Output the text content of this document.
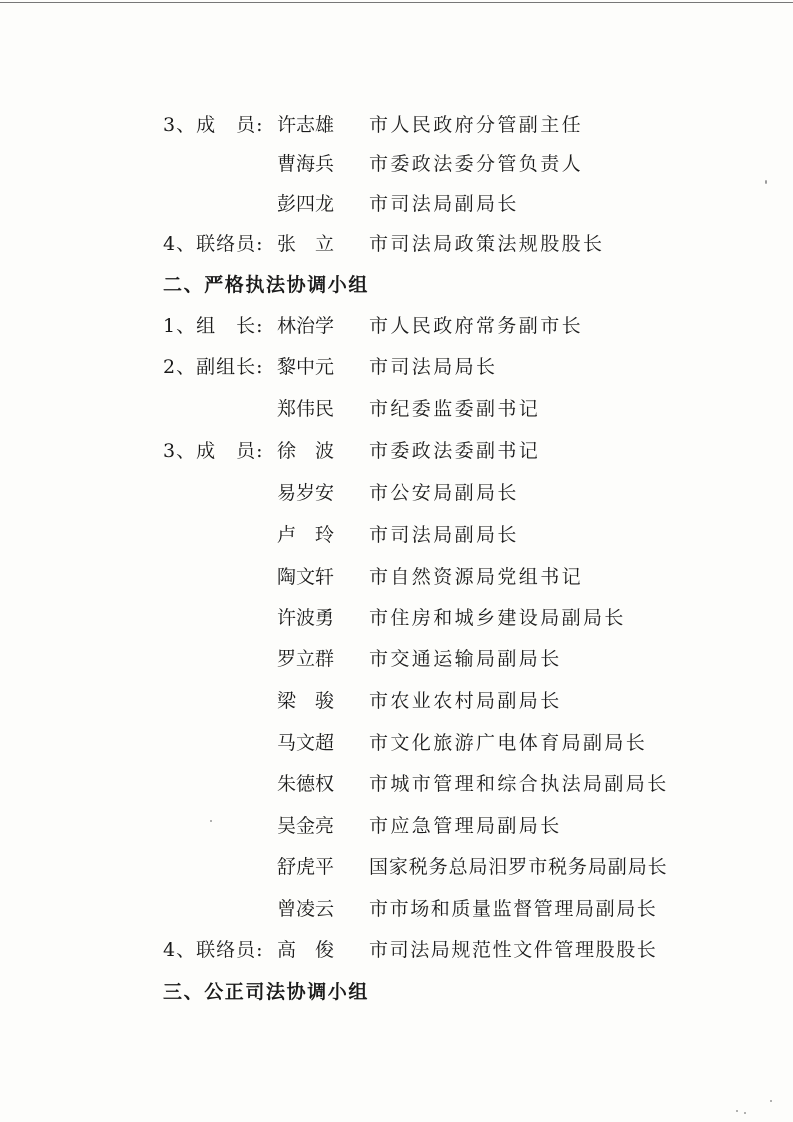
3、成　员: 许志雄 市人民政府分管副主任
曹海兵 市委政法委分管负责人
彭四龙 市司法局副局长
4、联络员: 张　立 市司法局政策法规股股长
二、严格执法协调小组
1、组　长: 林治学 市人民政府常务副市长
2、副组长: 黎中元 市司法局局长
郑伟民 市纪委监委副书记
3、成　员: 徐　波 市委政法委副书记
易岁安 市公安局副局长
卢　玲 市司法局副局长
陶文轩 市自然资源局党组书记
许波勇 市住房和城乡建设局副局长
罗立群 市交通运输局副局长
梁　骏 市农业农村局副局长
马文超 市文化旅游广电体育局副局长
朱德权 市城市管理和综合执法局副局长
吴金亮 市应急管理局副局长
舒虎平 国家税务总局汨罗市税务局副局长
曾凌云 市市场和质量监督管理局副局长
4、联络员: 高　俊 市司法局规范性文件管理股股长
三、公正司法协调小组
